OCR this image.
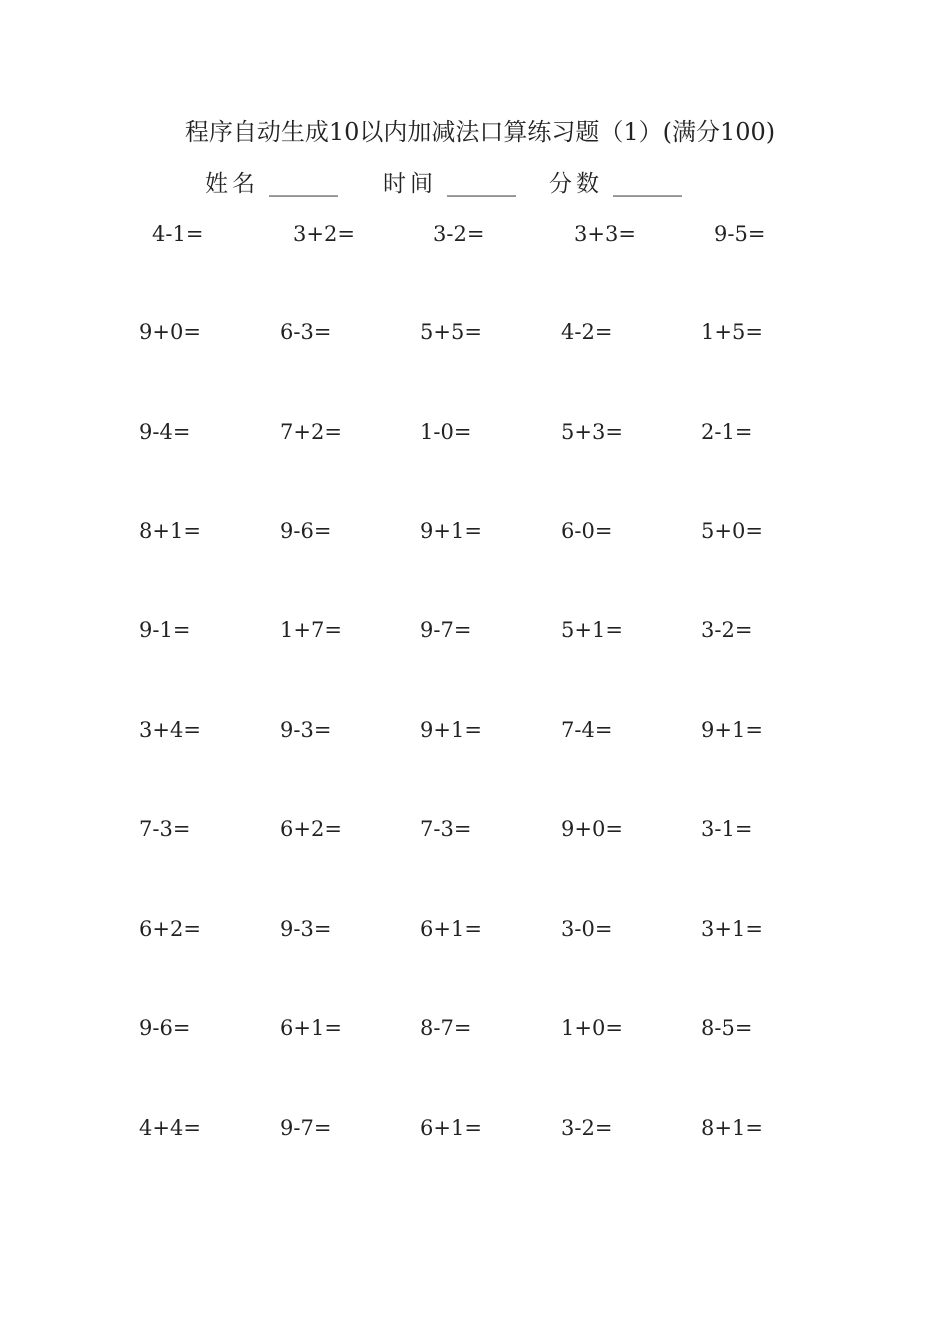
程序自动生成10以内加减法口算练习题（1）(满分100)
姓名 ______ 时间 ______ 分数 ______
4-1=	3+2=	3-2=	3+3=	9-5=
9+0=	6-3=	5+5=	4-2=	1+5=
9-4=	7+2=	1-0=	5+3=	2-1=
8+1=	9-6=	9+1=	6-0=	5+0=
9-1=	1+7=	9-7=	5+1=	3-2=
3+4=	9-3=	9+1=	7-4=	9+1=
7-3=	6+2=	7-3=	9+0=	3-1=
6+2=	9-3=	6+1=	3-0=	3+1=
9-6=	6+1=	8-7=	1+0=	8-5=
4+4=	9-7=	6+1=	3-2=	8+1=
